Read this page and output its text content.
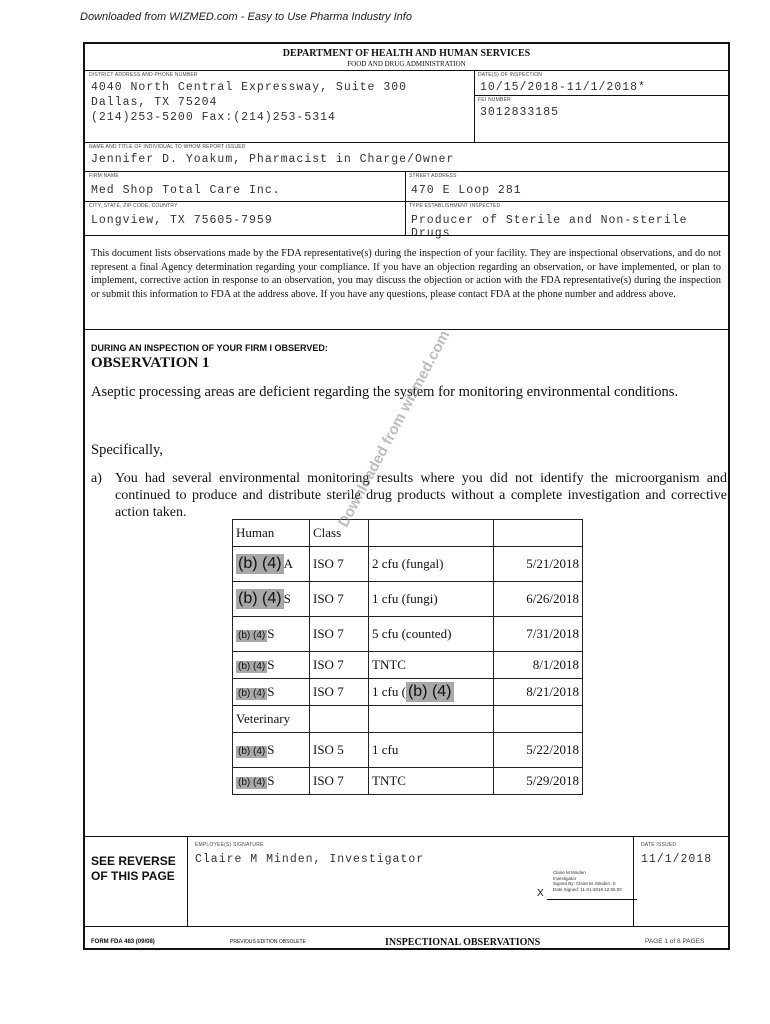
Downloaded from WIZMED.com - Easy to Use Pharma Industry Info
DEPARTMENT OF HEALTH AND HUMAN SERVICES
FOOD AND DRUG ADMINISTRATION
DISTRICT ADDRESS AND PHONE NUMBER
4040 North Central Expressway, Suite 300
Dallas, TX 75204
(214)253-5200 Fax:(214)253-5314
DATE(S) OF INSPECTION
10/15/2018-11/1/2018*
FEI NUMBER
3012833185
NAME AND TITLE OF INDIVIDUAL TO WHOM REPORT ISSUED
Jennifer D. Yoakum, Pharmacist in Charge/Owner
FIRM NAME
Med Shop Total Care Inc.
STREET ADDRESS
470 E Loop 281
CITY, STATE, ZIP CODE, COUNTRY
Longview, TX 75605-7959
TYPE ESTABLISHMENT INSPECTED
Producer of Sterile and Non-sterile Drugs
This document lists observations made by the FDA representative(s) during the inspection of your facility. They are inspectional observations, and do not represent a final Agency determination regarding your compliance. If you have an objection regarding an observation, or have implemented, or plan to implement, corrective action in response to an observation, you may discuss the objection or action with the FDA representative(s) during the inspection or submit this information to FDA at the address above. If you have any questions, please contact FDA at the phone number and address above.
DURING AN INSPECTION OF YOUR FIRM I OBSERVED:
OBSERVATION 1
Aseptic processing areas are deficient regarding the system for monitoring environmental conditions.
Specifically,
a) You had several environmental monitoring results where you did not identify the microorganism and continued to produce and distribute sterile drug products without a complete investigation and corrective action taken.
Human	Class		
(b) (4) A	ISO 7	2 cfu (fungal)	5/21/2018
(b) (4) S	ISO 7	1 cfu (fungi)	6/26/2018
(b) (4) S	ISO 7	5 cfu (counted)	7/31/2018
(b) (4) S	ISO 7	TNTC	8/1/2018
(b) (4) S	ISO 7	1 cfu ( (b) (4)	8/21/2018
Veterinary			
(b) (4) S	ISO 5	1 cfu	5/22/2018
(b) (4) S	ISO 7	TNTC	5/29/2018
Downloaded from wizmed.com
SEE REVERSE
OF THIS PAGE
EMPLOYEE(S) SIGNATURE
Claire M Minden, Investigator
DATE ISSUED
11/1/2018
Claire M Minden
Investigator
Signed By: Claire M. Minden -S
Date Signed: 11-01-2018 12:55:00
X
FORM FDA 483 (09/08)	PREVIOUS EDITION OBSOLETE	INSPECTIONAL OBSERVATIONS	PAGE 1 of 8 PAGES
